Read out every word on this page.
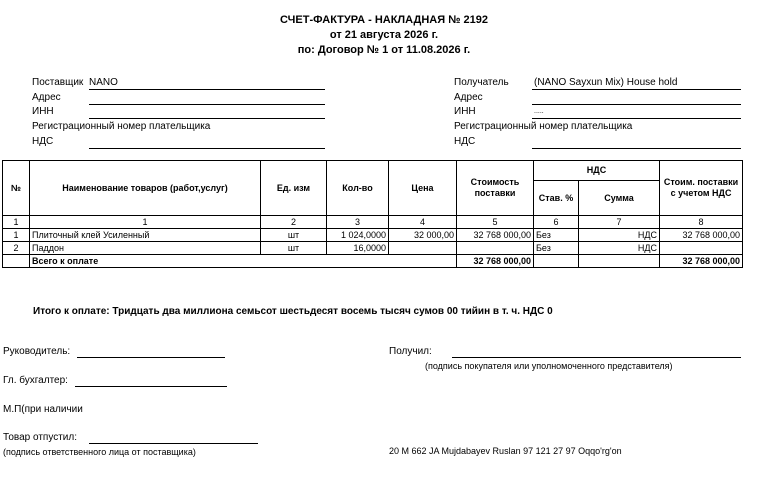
СЧЕТ-ФАКТУРА - НАКЛАДНАЯ № 2192
от 21 августа 2026 г.
по: Договор № 1 от 11.08.2026 г.
Поставщик NANO
Адрес
ИНН
Регистрационный номер плательщика
НДС
Получатель	(NANO Sayxun Mix) House hold
Адрес
ИНН	.....
Регистрационный номер плательщика
НДС
№	Наименование товаров (работ,услуг)	Ед. изм	Кол-во	Цена	Стоимость поставки	НДС		Стоим. поставки с учетом НДС
						Став. %	Сумма	
1	1	2	3	4	5	6	7	8
1	Плиточный клей Усиленный	шт	1 024,0000	32 000,00	32 768 000,00	Без	НДС	32 768 000,00
2	Паддон	шт	16,0000			Без	НДС	
	Всего к оплате				32 768 000,00			32 768 000,00
Итого к оплате: Тридцать два миллиона семьсот шестьдесят восемь тысяч сумов 00 тийин в т. ч. НДС 0
Руководитель:
Гл. бухгалтер:
М.П(при наличии
Товар отпустил:
(подпись ответственного лица от поставщика)
Получил:
(подпись покупателя или уполномоченного представителя)
20 M 662 JA Mujdabayev Ruslan 97 121 27 97 Oqqo'rg'on
